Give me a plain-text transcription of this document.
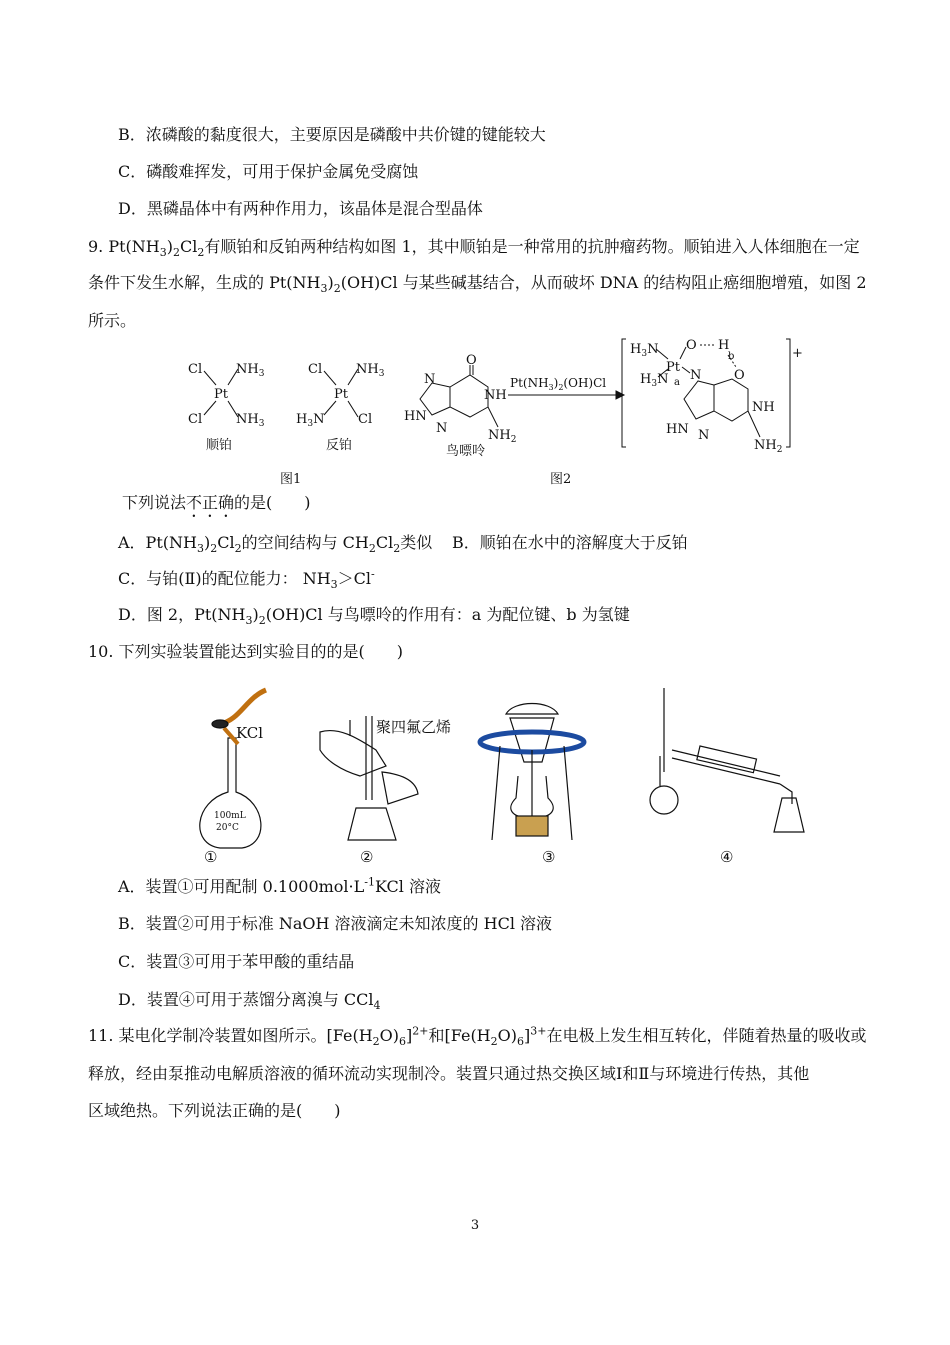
B．浓磷酸的黏度很大，主要原因是磷酸中共价键的键能较大
C．磷酸难挥发，可用于保护金属免受腐蚀
D．黑磷晶体中有两种作用力，该晶体是混合型晶体
9. $Pt(NH_3)_2Cl_2$有顺铂和反铂两种结构如图 1，其中顺铂是一种常用的抗肿瘤药物。顺铂进入人体细胞在一定
条件下发生水解，生成的 $Pt(NH_3)_2(OH)Cl$ 与某些碱基结合，从而破坏 DNA 的结构阻止癌细胞增殖，如图 2
所示。
Cl	$NH_3$
Pt
Cl	$NH_3$
顺铂
Cl	$NH_3$
Pt
$H_3N$	Cl
反铂
O
N
NH
N
HN
$NH_2$
鸟嘌呤
图1
$Pt(NH_3)_2(OH)Cl$
$H_3N$ O H
Pt
$H_3N$ a
b
N	O
NH
N
HN
$NH_2$
+
图2
下列说法不正确的是(　　)
A．$Pt(NH_3)_2Cl_2$的空间结构与 $CH_2Cl_2$类似 B．顺铂在水中的溶解度大于反铂
C．与铂(Ⅱ)的配位能力： $NH_3>Cl^-$
D．图 2，$Pt(NH_3)_2(OH)Cl$ 与鸟嘌呤的作用有：a 为配位键、b 为氢键
10. 下列实验装置能达到实验目的的是(　　)
KCl
100mL
20°C
聚四氟乙烯
①	②	③	④
A．装置①可用配制 $0.1000mol\cdot L^{-1}KCl$ 溶液
B．装置②可用于标准 NaOH 溶液滴定未知浓度的 HCl 溶液
C．装置③可用于苯甲酸的重结晶
D．装置④可用于蒸馏分离溴与 CCl$_4$
11. 某电化学制冷装置如图所示。$[Fe(H_2O)_6]^{2+}$和$[Fe(H_2O)_6]^{3+}$在电极上发生相互转化，伴随着热量的吸收或
释放，经由泵推动电解质溶液的循环流动实现制冷。装置只通过热交换区域Ⅰ和Ⅱ与环境进行传热，其他
区域绝热。下列说法正确的是(　　)
3
